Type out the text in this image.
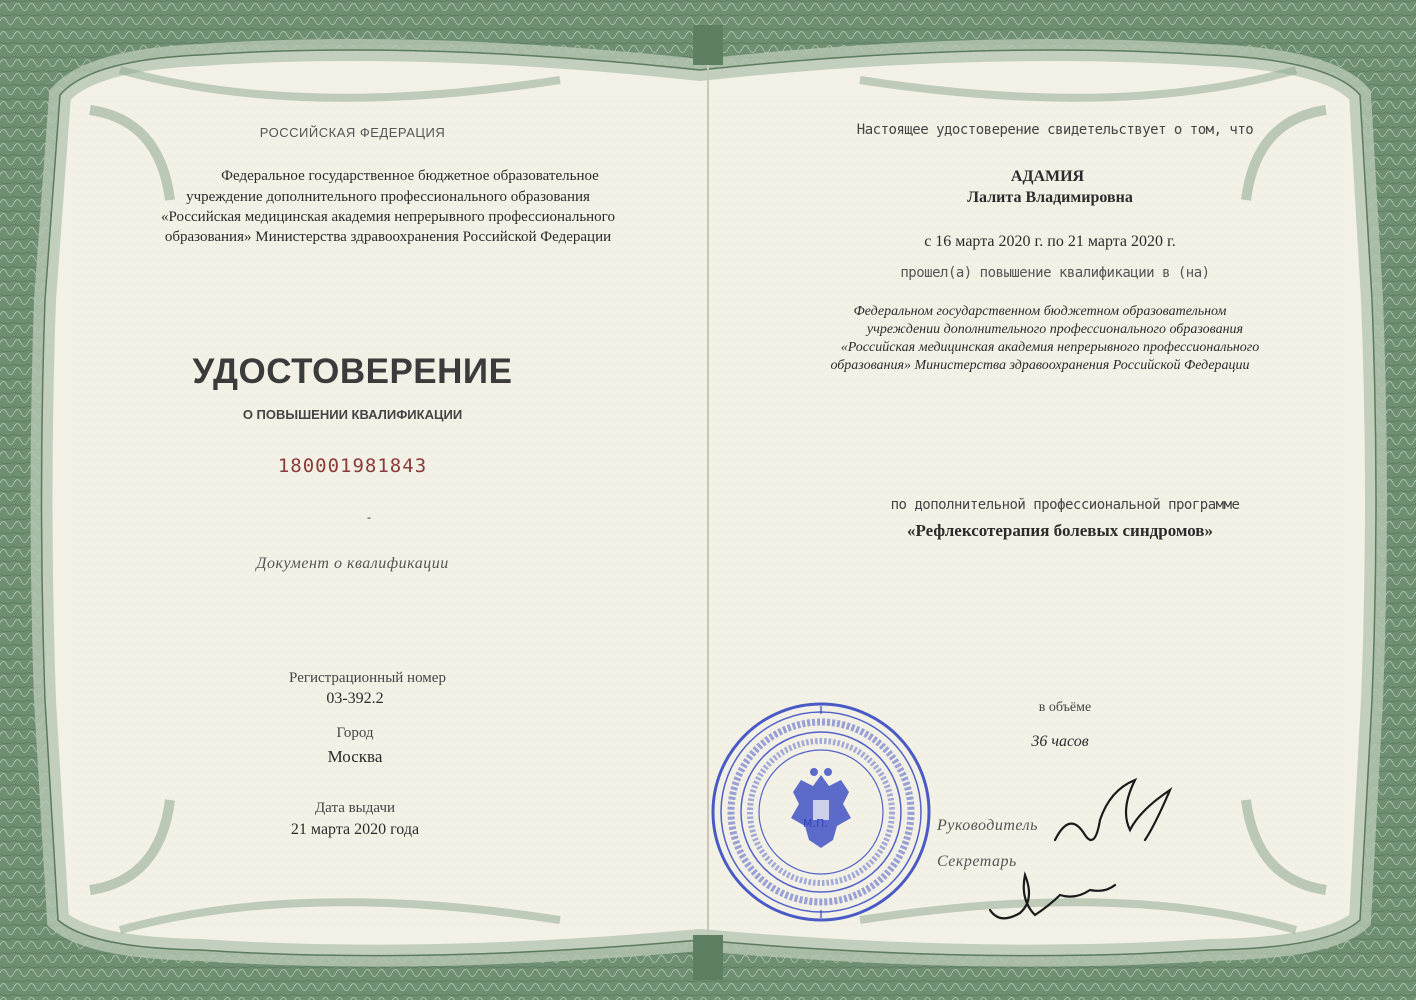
РОССИЙСКАЯ ФЕДЕРАЦИЯ

Федеральное государственное бюджетное образовательное

учреждение дополнительного профессионального образования

«Российская медицинская академия непрерывного профессионального

образования» Министерства здравоохранения Российской Федерации

УДОСТОВЕРЕНИЕ

О ПОВЫШЕНИИ КВАЛИФИКАЦИИ

180001981843

-

Документ о квалификации

Регистрационный номер

03-392.2

Город

Москва

Дата выдачи

21 марта 2020 года

Настоящее удостоверение свидетельствует о том, что

АДАМИЯ

Лалита Владимировна

с 16 марта 2020 г. по 21 марта 2020 г.

прошел(а) повышение квалификации в (на)

Федеральном государственном бюджетном образовательном

учреждении дополнительного профессионального образования

«Российская медицинская академия непрерывного профессионального

образования» Министерства здравоохранения Российской Федерации

по дополнительной профессиональной программе

«Рефлексотерапия болевых синдромов»

в объёме

36 часов

Руководитель

Секретарь

М.П.
